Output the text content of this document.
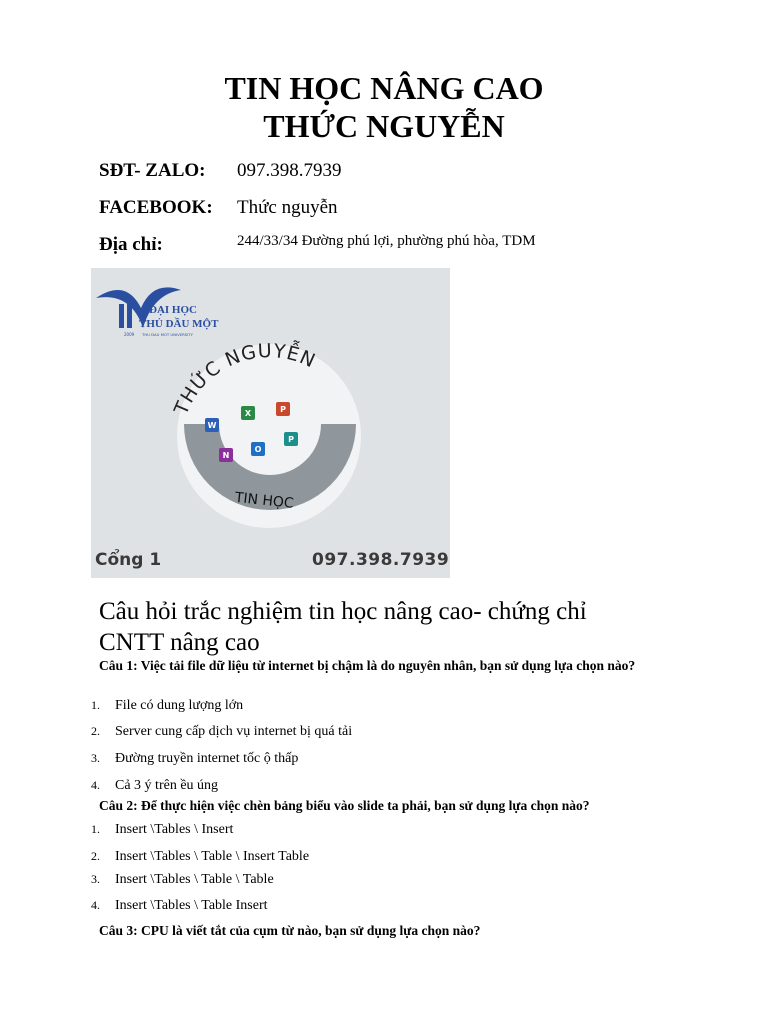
TIN HỌC NÂNG CAO
THỨC NGUYỄN
SĐT- ZALO: 097.398.7939
FACEBOOK: Thức nguyễn
Địa chỉ:	244/33/34 Đường phú lợi, phường phú hòa, TDM
ĐẠI HỌC
THỦ DẦU MỘT
THU DAU MOT UNIVERSITY
2009
THỨC NGUYỄN
TIN HỌC
W
X	P
N
O
P
Cổng 1	097.398.7939
Câu hỏi trắc nghiệm tin học nâng cao- chứng chỉ
CNTT nâng cao
Câu 1: Việc tải file dữ liệu từ internet bị chậm là do nguyên nhân, bạn sử dụng lựa chọn nào?
1. File có dung lượng lớn
2. Server cung cấp dịch vụ internet bị quá tải
3. Đường truyền internet tốc ộ thấp
4. Cả 3 ý trên ều úng
Câu 2: Để thực hiện việc chèn bảng biểu vào slide ta phải, bạn sử dụng lựa chọn nào?
1. Insert \Tables \ Insert
2. Insert \Tables \ Table \ Insert Table
3. Insert \Tables \ Table \ Table
4. Insert \Tables \ Table Insert
Câu 3: CPU là viết tắt của cụm từ nào, bạn sử dụng lựa chọn nào?
